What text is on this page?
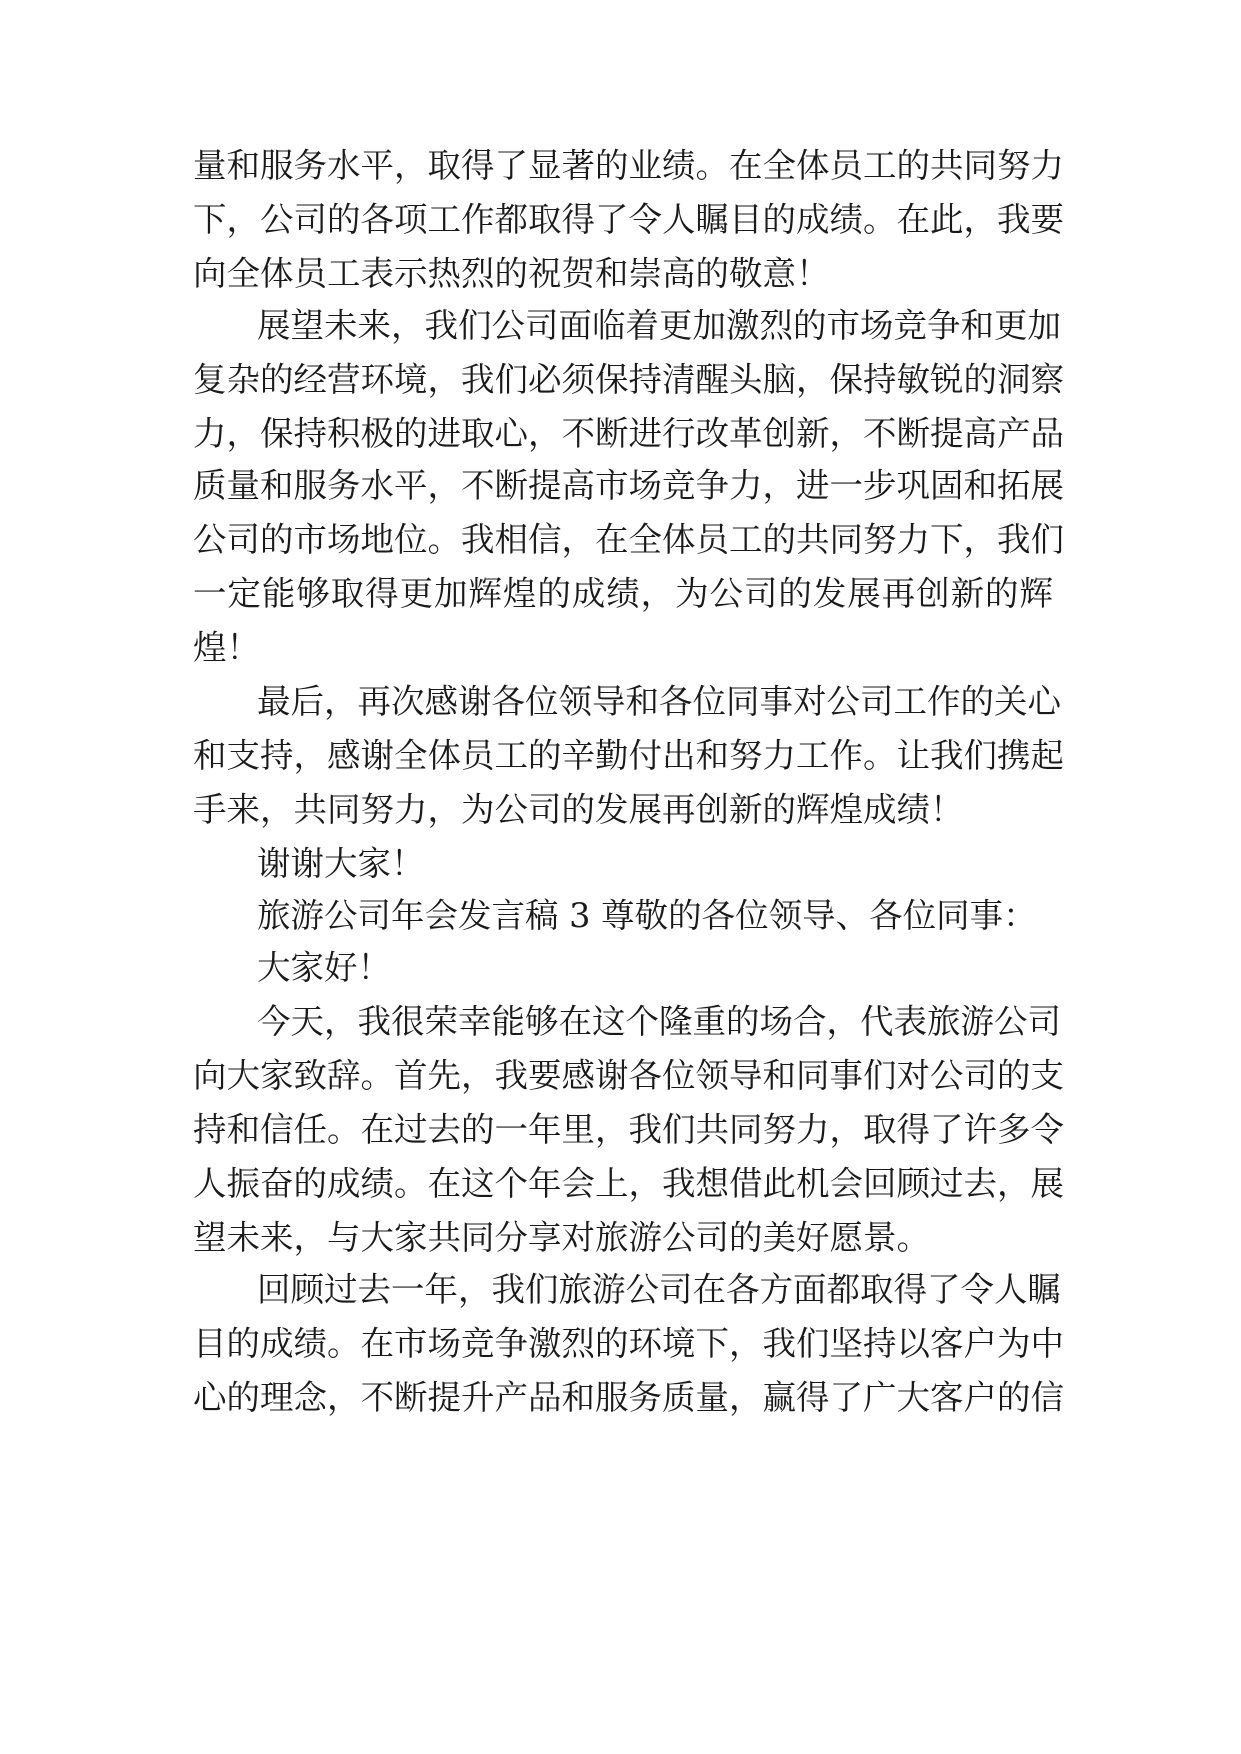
量和服务水平，取得了显著的业绩。在全体员工的共同努力
下，公司的各项工作都取得了令人瞩目的成绩。在此，我要
向全体员工表示热烈的祝贺和崇高的敬意！
展望未来，我们公司面临着更加激烈的市场竞争和更加
复杂的经营环境，我们必须保持清醒头脑，保持敏锐的洞察
力，保持积极的进取心，不断进行改革创新，不断提高产品
质量和服务水平，不断提高市场竞争力，进一步巩固和拓展
公司的市场地位。我相信，在全体员工的共同努力下，我们
一定能够取得更加辉煌的成绩，为公司的发展再创新的辉
煌！
最后，再次感谢各位领导和各位同事对公司工作的关心
和支持，感谢全体员工的辛勤付出和努力工作。让我们携起
手来，共同努力，为公司的发展再创新的辉煌成绩！
谢谢大家！
旅游公司年会发言稿 3 尊敬的各位领导、各位同事：
大家好！
今天，我很荣幸能够在这个隆重的场合，代表旅游公司
向大家致辞。首先，我要感谢各位领导和同事们对公司的支
持和信任。在过去的一年里，我们共同努力，取得了许多令
人振奋的成绩。在这个年会上，我想借此机会回顾过去，展
望未来，与大家共同分享对旅游公司的美好愿景。
回顾过去一年，我们旅游公司在各方面都取得了令人瞩
目的成绩。在市场竞争激烈的环境下，我们坚持以客户为中
心的理念，不断提升产品和服务质量，赢得了广大客户的信
